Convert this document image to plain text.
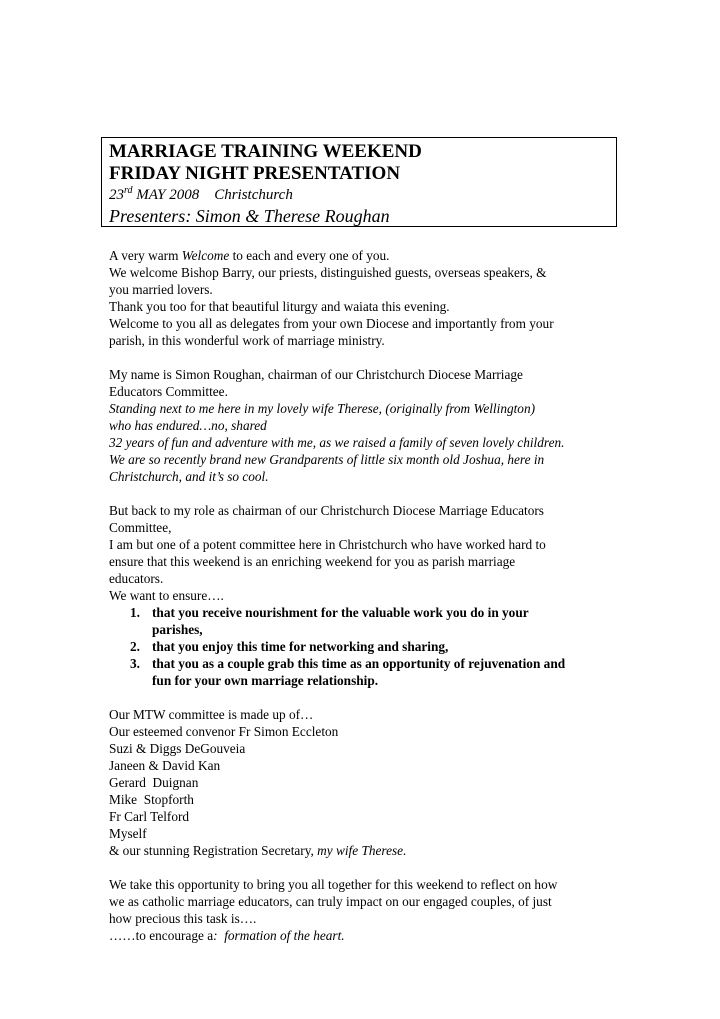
MARRIAGE TRAINING WEEKEND
FRIDAY NIGHT PRESENTATION
23rd MAY 2008    Christchurch
Presenters: Simon & Therese Roughan
A very warm Welcome to each and every one of you.
We welcome Bishop Barry, our priests, distinguished guests, overseas speakers, &
you married lovers.
Thank you too for that beautiful liturgy and waiata this evening.
Welcome to you all as delegates from your own Diocese and importantly from your
parish, in this wonderful work of marriage ministry.
My name is Simon Roughan, chairman of our Christchurch Diocese Marriage
Educators Committee.
Standing next to me here in my lovely wife Therese, (originally from Wellington)
who has endured…no, shared
32 years of fun and adventure with me, as we raised a family of seven lovely children.
We are so recently brand new Grandparents of little six month old Joshua, here in
Christchurch, and it’s so cool.
But back to my role as chairman of our Christchurch Diocese Marriage Educators
Committee,
I am but one of a potent committee here in Christchurch who have worked hard to
ensure that this weekend is an enriching weekend for you as parish marriage
educators.
We want to ensure….
1. that you receive nourishment for the valuable work you do in your
parishes,
2. that you enjoy this time for networking and sharing,
3. that you as a couple grab this time as an opportunity of rejuvenation and
fun for your own marriage relationship.
Our MTW committee is made up of…
Our esteemed convenor Fr Simon Eccleton
Suzi & Diggs DeGouveia
Janeen & David Kan
Gerard  Duignan
Mike  Stopforth
Fr Carl Telford
Myself
& our stunning Registration Secretary, my wife Therese.
We take this opportunity to bring you all together for this weekend to reflect on how
we as catholic marriage educators, can truly impact on our engaged couples, of just
how precious this task is….
……to encourage a:  formation of the heart.
